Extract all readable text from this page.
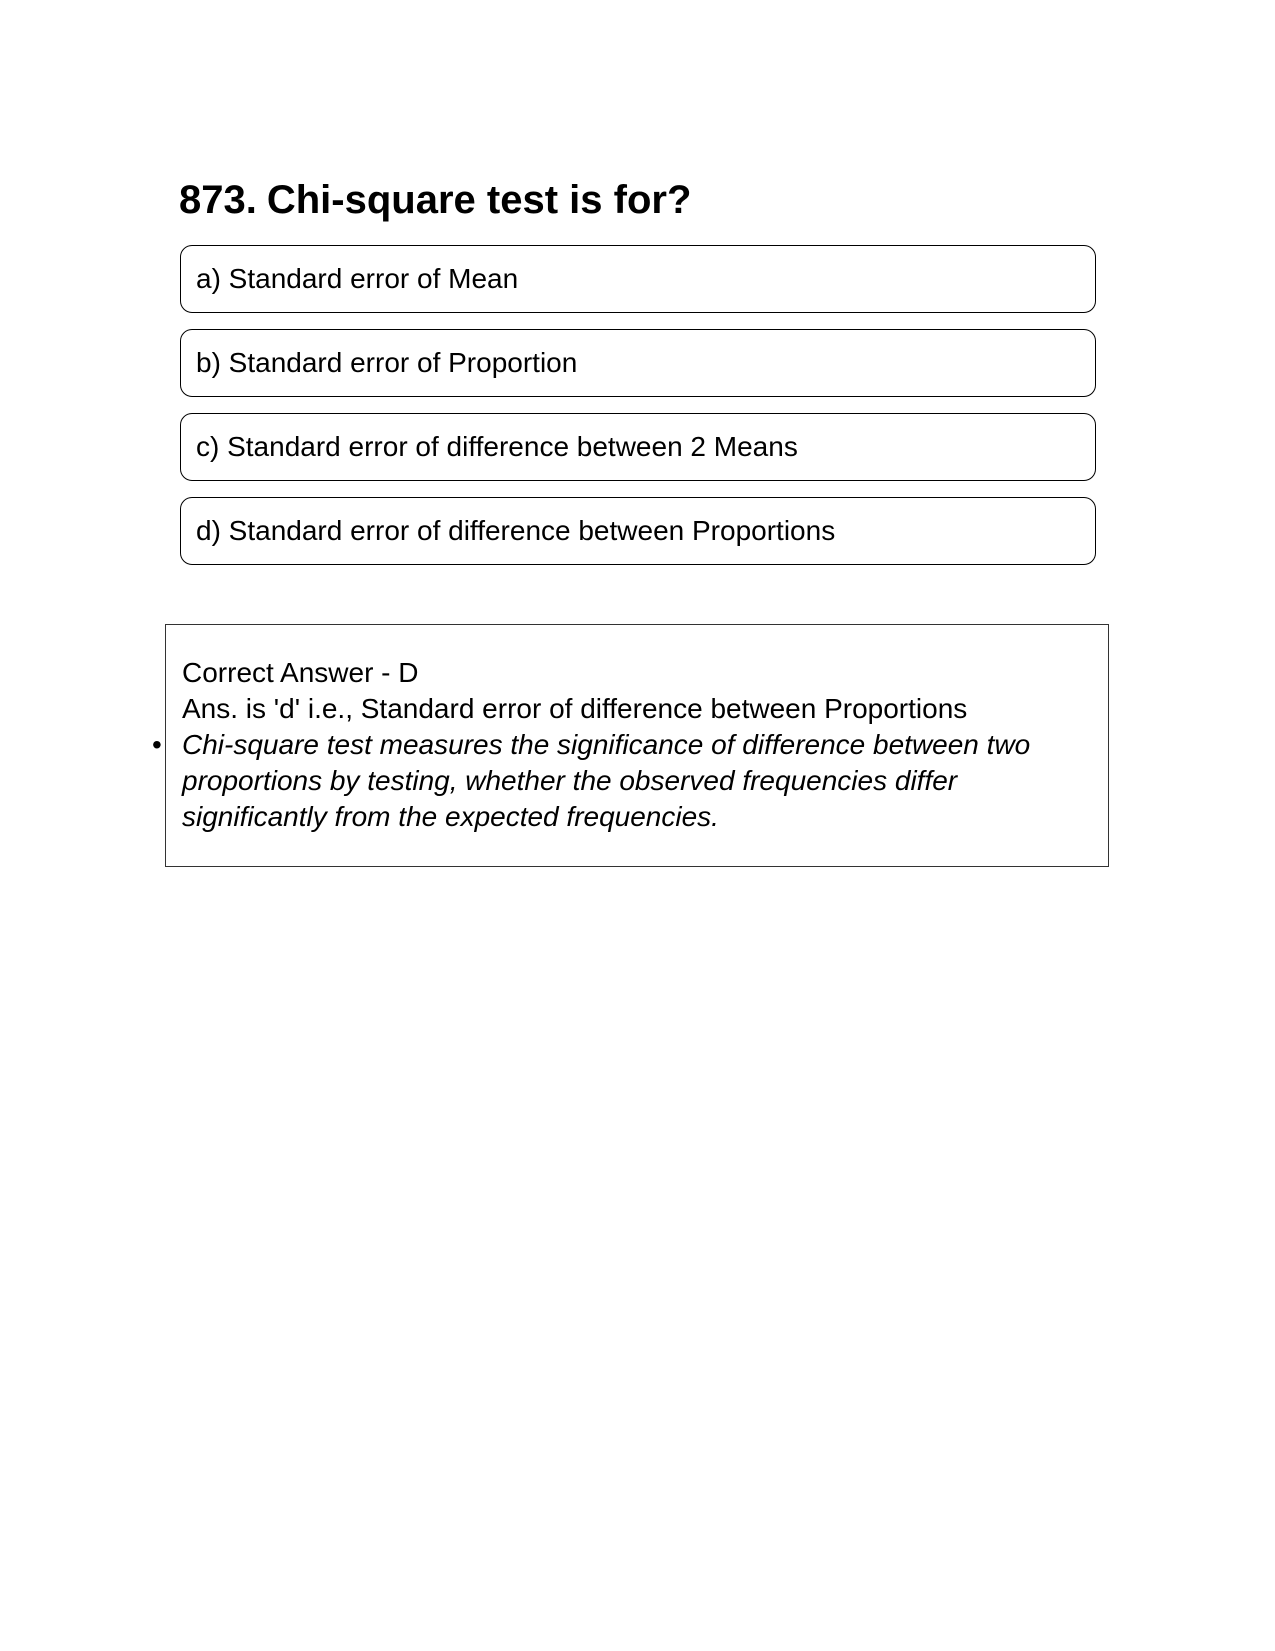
873. Chi-square test is for?
a) Standard error of Mean
b) Standard error of Proportion
c) Standard error of difference between 2 Means
d) Standard error of difference between Proportions
Correct Answer - D
Ans. is 'd' i.e., Standard error of difference between Proportions
• Chi-square test measures the significance of difference between two proportions by testing, whether the observed frequencies differ significantly from the expected frequencies.
